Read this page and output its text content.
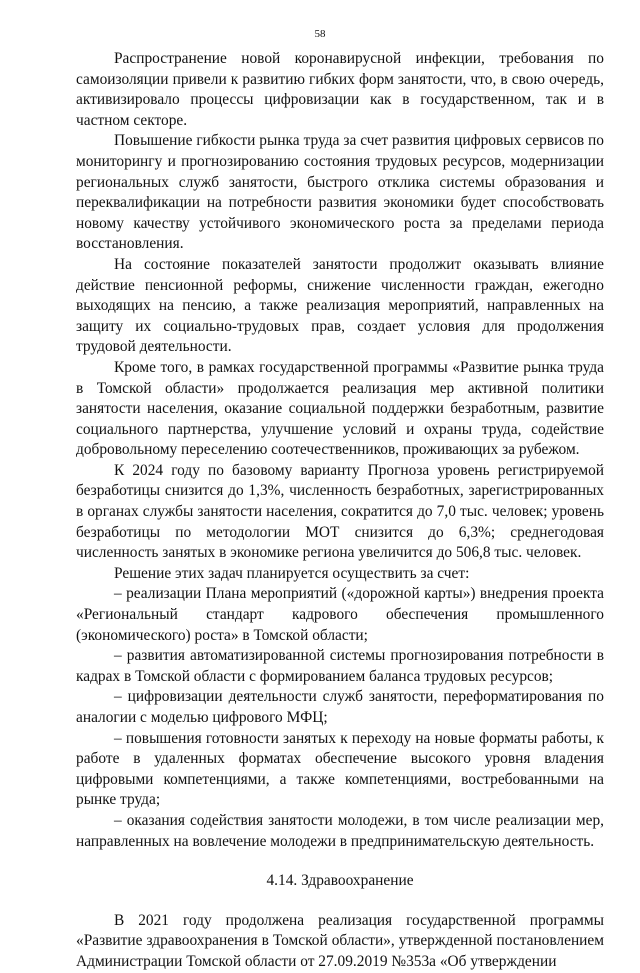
58

Распространение новой коронавирусной инфекции, требования по самоизоляции привели к развитию гибких форм занятости, что, в свою очередь, активизировало процессы цифровизации как в государственном, так и в частном секторе.

Повышение гибкости рынка труда за счет развития цифровых сервисов по мониторингу и прогнозированию состояния трудовых ресурсов, модернизации региональных служб занятости, быстрого отклика системы образования и переквалификации на потребности развития экономики будет способствовать новому качеству устойчивого экономического роста за пределами периода восстановления.

На состояние показателей занятости продолжит оказывать влияние действие пенсионной реформы, снижение численности граждан, ежегодно выходящих на пенсию, а также реализация мероприятий, направленных на защиту их социально-трудовых прав, создает условия для продолжения трудовой деятельности.

Кроме того, в рамках государственной программы «Развитие рынка труда в Томской области» продолжается реализация мер активной политики занятости населения, оказание социальной поддержки безработным, развитие социального партнерства, улучшение условий и охраны труда, содействие добровольному переселению соотечественников, проживающих за рубежом.

К 2024 году по базовому варианту Прогноза уровень регистрируемой безработицы снизится до 1,3%, численность безработных, зарегистрированных в органах службы занятости населения, сократится до 7,0 тыс. человек; уровень безработицы по методологии МОТ снизится до 6,3%; среднегодовая численность занятых в экономике региона увеличится до 506,8 тыс. человек.

Решение этих задач планируется осуществить за счет:

– реализации Плана мероприятий («дорожной карты») внедрения проекта «Региональный стандарт кадрового обеспечения промышленного (экономического) роста» в Томской области;

– развития автоматизированной системы прогнозирования потребности в кадрах в Томской области с формированием баланса трудовых ресурсов;

– цифровизации деятельности служб занятости, переформатирования по аналогии с моделью цифрового МФЦ;

– повышения готовности занятых к переходу на новые форматы работы, к работе в удаленных форматах обеспечение высокого уровня владения цифровыми компетенциями, а также компетенциями, востребованными на рынке труда;

– оказания содействия занятости молодежи, в том числе реализации мер, направленных на вовлечение молодежи в предпринимательскую деятельность.

4.14. Здравоохранение

В 2021 году продолжена реализация государственной программы «Развитие здравоохранения в Томской области», утвержденной постановлением Администрации Томской области от 27.09.2019 №353а «Об утверждении
